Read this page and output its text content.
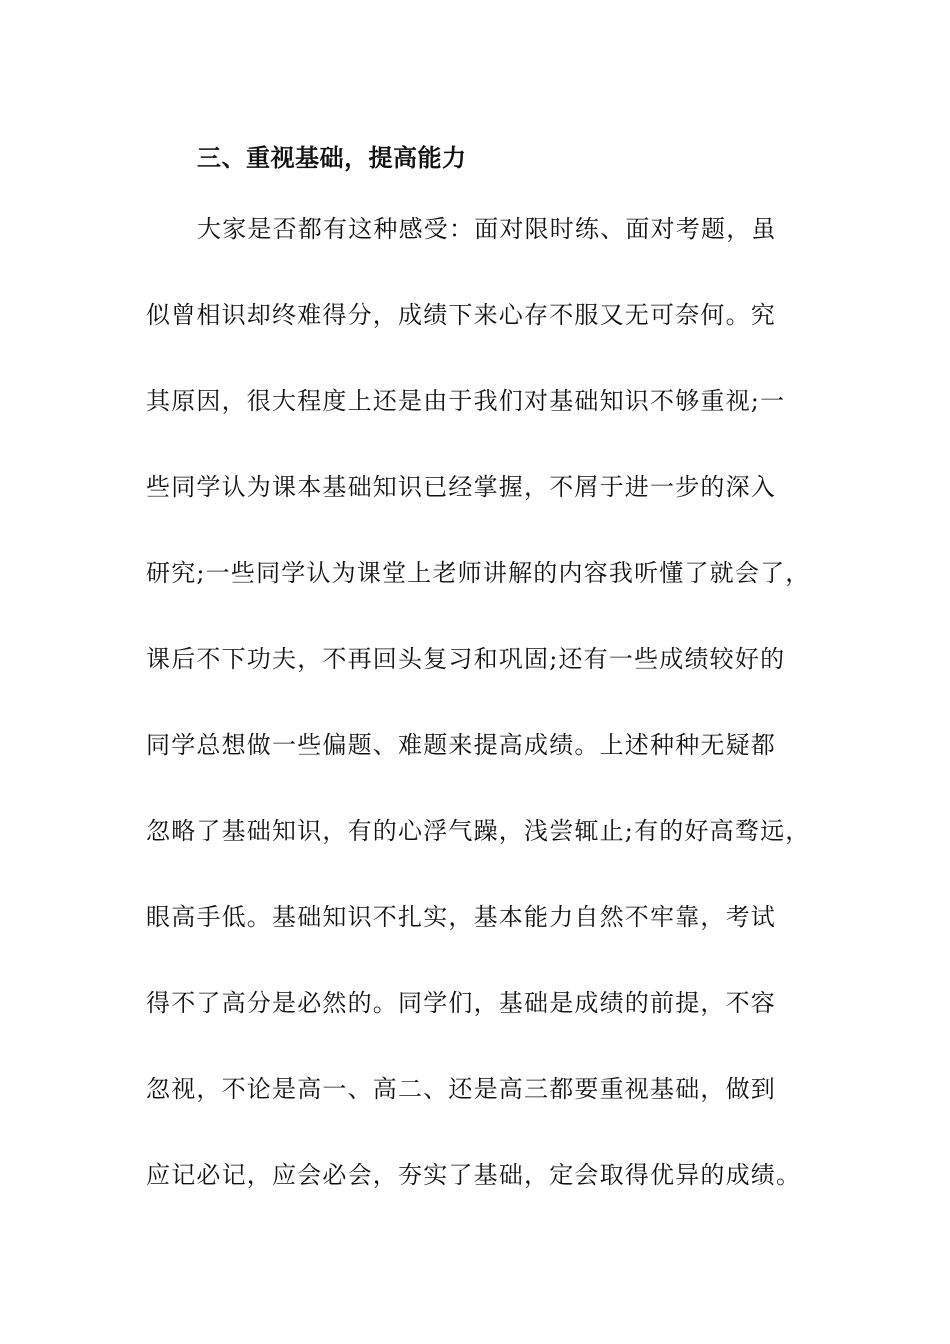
三、重视基础，提高能力
大家是否都有这种感受：面对限时练、面对考题，虽
似曾相识却终难得分，成绩下来心存不服又无可奈何。究
其原因，很大程度上还是由于我们对基础知识不够重视;一
些同学认为课本基础知识已经掌握，不屑于进一步的深入
研究;一些同学认为课堂上老师讲解的内容我听懂了就会了，
课后不下功夫，不再回头复习和巩固;还有一些成绩较好的
同学总想做一些偏题、难题来提高成绩。上述种种无疑都
忽略了基础知识，有的心浮气躁，浅尝辄止;有的好高骛远，
眼高手低。基础知识不扎实，基本能力自然不牢靠，考试
得不了高分是必然的。同学们，基础是成绩的前提，不容
忽视，不论是高一、高二、还是高三都要重视基础，做到
应记必记，应会必会，夯实了基础，定会取得优异的成绩。
